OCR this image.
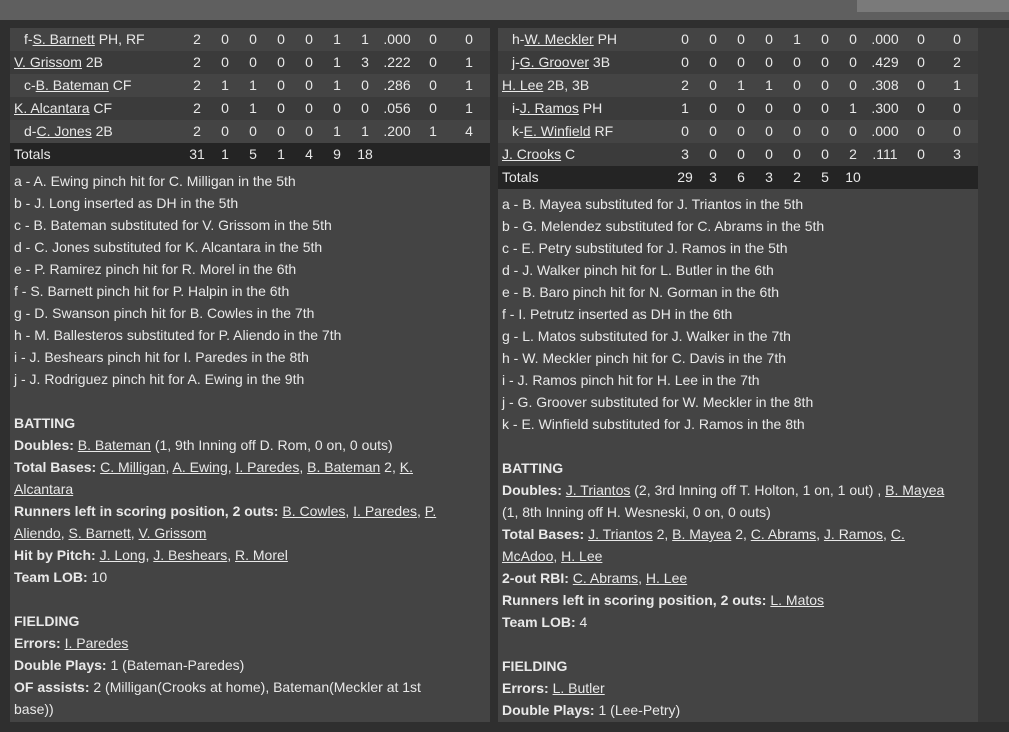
f-S. Barnett PH, RF	2	0	0	0	0	1	1	.000	0	0
V. Grissom 2B	2	0	0	0	0	1	3	.222	0	1
c-B. Bateman CF	2	1	1	0	0	1	0	.286	0	1
K. Alcantara CF	2	0	1	0	0	0	0	.056	0	1
d-C. Jones 2B	2	0	0	0	0	1	1	.200	1	4
Totals	31	1	5	1	4	9	18
a - A. Ewing pinch hit for C. Milligan in the 5th
b - J. Long inserted as DH in the 5th
c - B. Bateman substituted for V. Grissom in the 5th
d - C. Jones substituted for K. Alcantara in the 5th
e - P. Ramirez pinch hit for R. Morel in the 6th
f - S. Barnett pinch hit for P. Halpin in the 6th
g - D. Swanson pinch hit for B. Cowles in the 7th
h - M. Ballesteros substituted for P. Aliendo in the 7th
i - J. Beshears pinch hit for I. Paredes in the 8th
j - J. Rodriguez pinch hit for A. Ewing in the 9th
BATTING
Doubles: B. Bateman (1, 9th Inning off D. Rom, 0 on, 0 outs)
Total Bases: C. Milligan, A. Ewing, I. Paredes, B. Bateman 2, K.
Alcantara
Runners left in scoring position, 2 outs: B. Cowles, I. Paredes, P.
Aliendo, S. Barnett, V. Grissom
Hit by Pitch: J. Long, J. Beshears, R. Morel
Team LOB: 10
FIELDING
Errors: I. Paredes
Double Plays: 1 (Bateman-Paredes)
OF assists: 2 (Milligan(Crooks at home), Bateman(Meckler at 1st
base))
h-W. Meckler PH	0	0	0	0	1	0	0	.000	0	0
j-G. Groover 3B	0	0	0	0	0	0	0	.429	0	2
H. Lee 2B, 3B	2	0	1	1	0	0	0	.308	0	1
i-J. Ramos PH	1	0	0	0	0	0	1	.300	0	0
k-E. Winfield RF	0	0	0	0	0	0	0	.000	0	0
J. Crooks C	3	0	0	0	0	0	2	.111	0	3
Totals	29	3	6	3	2	5	10
a - B. Mayea substituted for J. Triantos in the 5th
b - G. Melendez substituted for C. Abrams in the 5th
c - E. Petry substituted for J. Ramos in the 5th
d - J. Walker pinch hit for L. Butler in the 6th
e - B. Baro pinch hit for N. Gorman in the 6th
f - I. Petrutz inserted as DH in the 6th
g - L. Matos substituted for J. Walker in the 7th
h - W. Meckler pinch hit for C. Davis in the 7th
i - J. Ramos pinch hit for H. Lee in the 7th
j - G. Groover substituted for W. Meckler in the 8th
k - E. Winfield substituted for J. Ramos in the 8th
BATTING
Doubles: J. Triantos (2, 3rd Inning off T. Holton, 1 on, 1 out) , B. Mayea
(1, 8th Inning off H. Wesneski, 0 on, 0 outs)
Total Bases: J. Triantos 2, B. Mayea 2, C. Abrams, J. Ramos, C.
McAdoo, H. Lee
2-out RBI: C. Abrams, H. Lee
Runners left in scoring position, 2 outs: L. Matos
Team LOB: 4
FIELDING
Errors: L. Butler
Double Plays: 1 (Lee-Petry)
